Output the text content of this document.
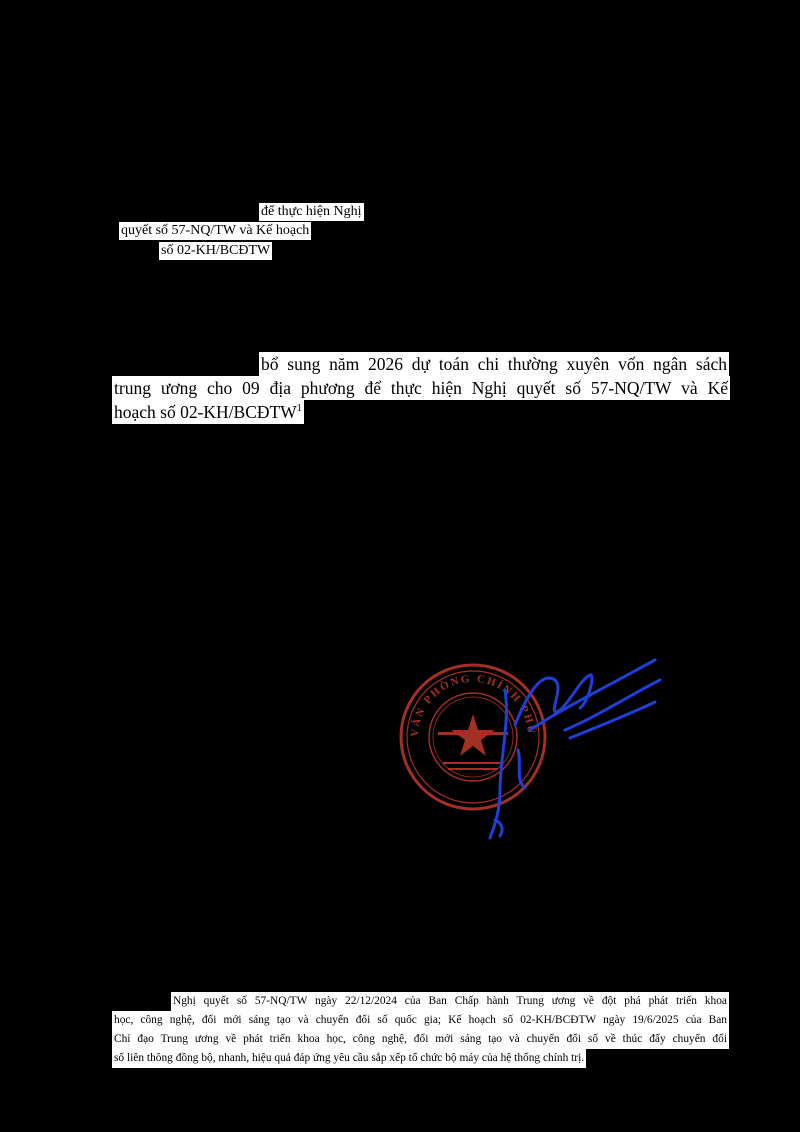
để thực hiện Nghị
quyết số 57-NQ/TW và Kế hoạch
số 02-KH/BCĐTW
bổ sung năm 2026 dự toán chi thường xuyên vốn ngân sách
trung ương cho 09 địa phương để thực hiện Nghị quyết số 57-NQ/TW và Kế
hoạch số 02-KH/BCĐTW$^1$
VĂN PHÒNG CHÍNH PHỦ
Nghị quyết số 57-NQ/TW ngày 22/12/2024 của Ban Chấp hành Trung ương về đột phá phát triển khoa
học, công nghệ, đổi mới sáng tạo và chuyển đổi số quốc gia; Kế hoạch số 02-KH/BCĐTW ngày 19/6/2025 của Ban
Chỉ đạo Trung ương về phát triển khoa học, công nghệ, đổi mới sáng tạo và chuyển đổi số về thúc đẩy chuyển đổi
số liên thông đồng bộ, nhanh, hiệu quả đáp ứng yêu cầu sắp xếp tổ chức bộ máy của hệ thống chính trị.
